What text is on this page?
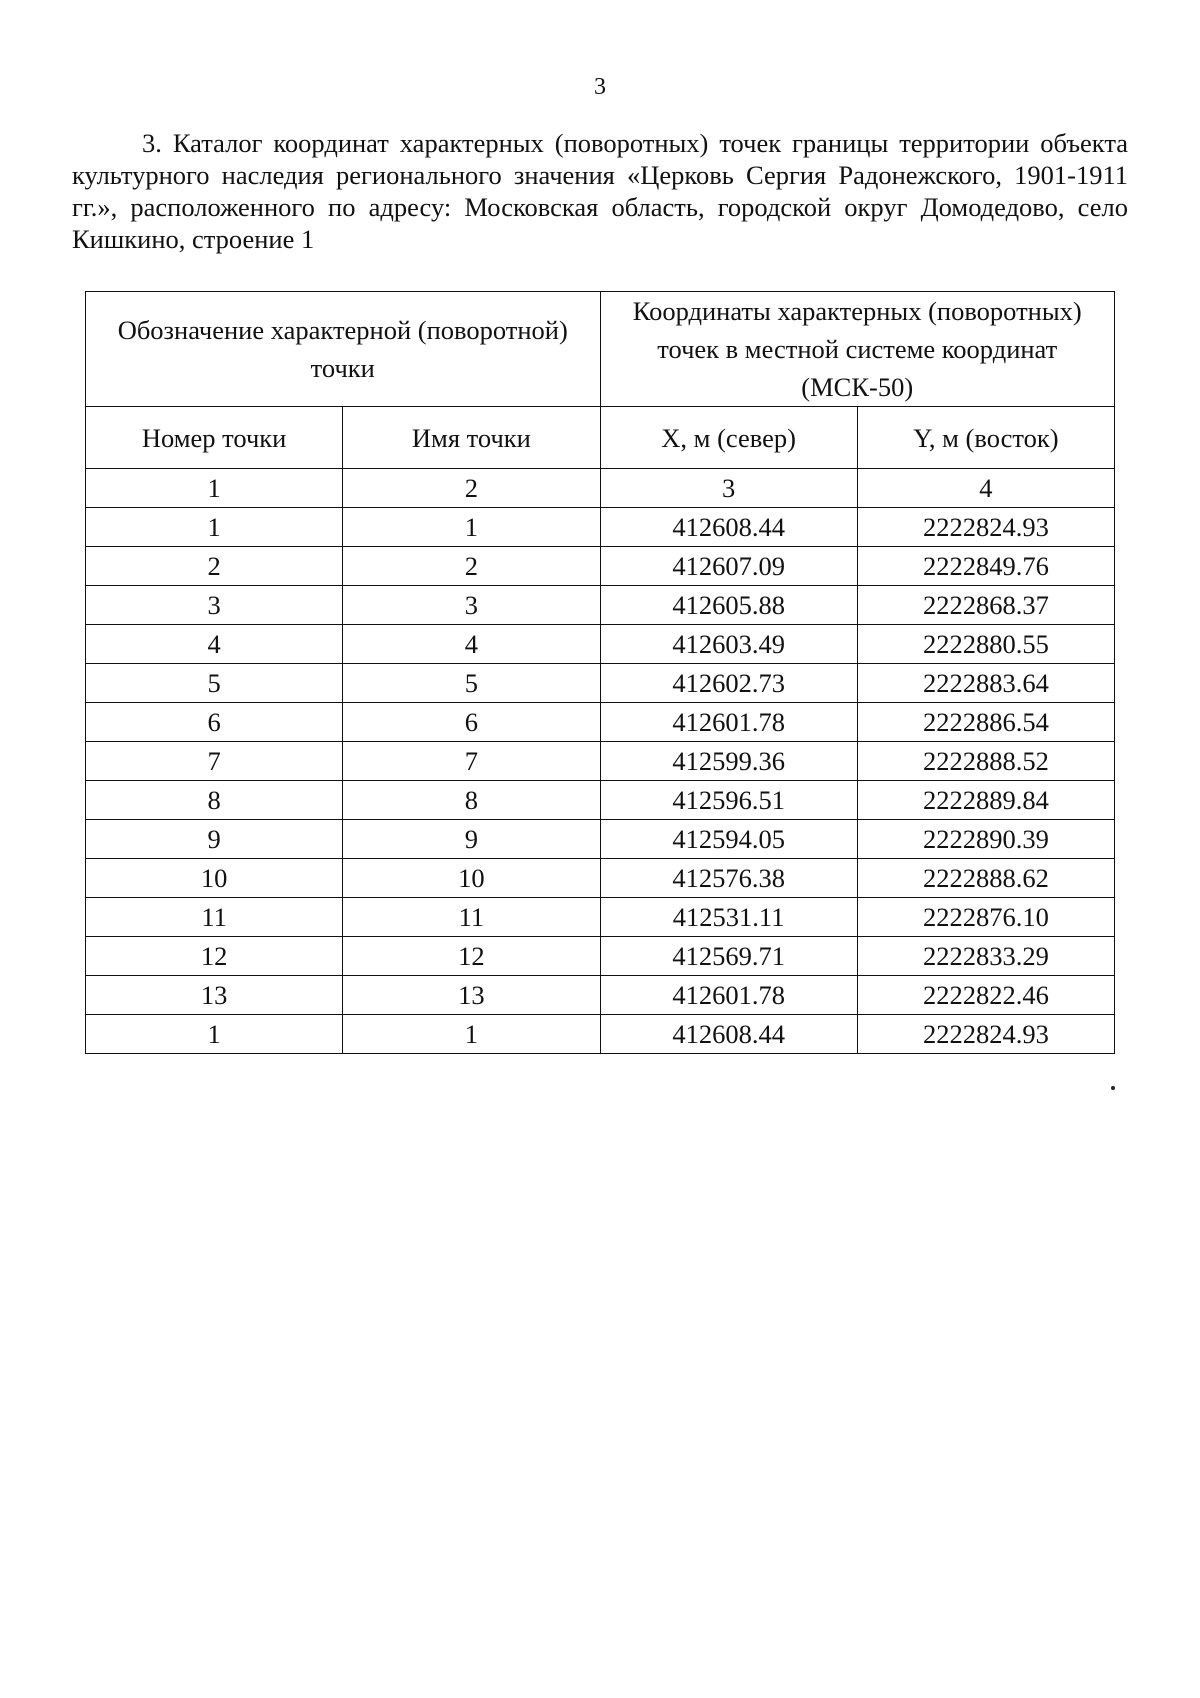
3

3. Каталог координат характерных (поворотных) точек границы территории объекта культурного наследия регионального значения «Церковь Сергия Радонежского, 1901-1911 гг.», расположенного по адресу: Московская область, городской округ Домодедово, село Кишкино, строение 1

Обозначение характерной (поворотной) точки		Координаты характерных (поворотных) точек в местной системе координат (МСК-50)	
Номер точки	Имя точки	X, м (север)	Y, м (восток)
1	2	3	4
1	1	412608.44	2222824.93
2	2	412607.09	2222849.76
3	3	412605.88	2222868.37
4	4	412603.49	2222880.55
5	5	412602.73	2222883.64
6	6	412601.78	2222886.54
7	7	412599.36	2222888.52
8	8	412596.51	2222889.84
9	9	412594.05	2222890.39
10	10	412576.38	2222888.62
11	11	412531.11	2222876.10
12	12	412569.71	2222833.29
13	13	412601.78	2222822.46
1	1	412608.44	2222824.93
